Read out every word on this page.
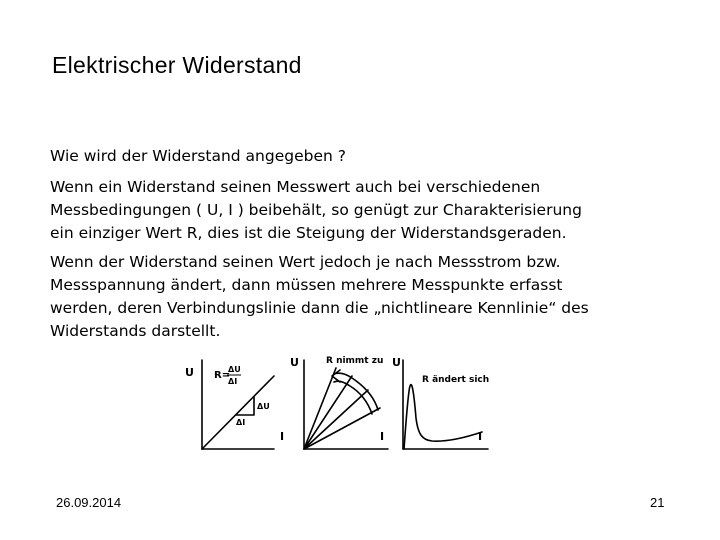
Elektrischer Widerstand

Wie wird der Widerstand angegeben ?

Wenn ein Widerstand seinen Messwert auch bei verschiedenen
Messbedingungen ( U, I ) beibehält, so genügt zur Charakterisierung
ein einziger Wert R, dies ist die Steigung der Widerstandsgeraden.

Wenn der Widerstand seinen Wert jedoch je nach Messstrom bzw.
Messspannung ändert, dann müssen mehrere Messpunkte erfasst
werden, deren Verbindungslinie dann die „nichtlineare Kennlinie“ des
Widerstands darstellt.

U
I
R=
ΔU
ΔI
ΔU
ΔI
U
I
R nimmt zu U
I
R ändert sich
26.09.2014	21
